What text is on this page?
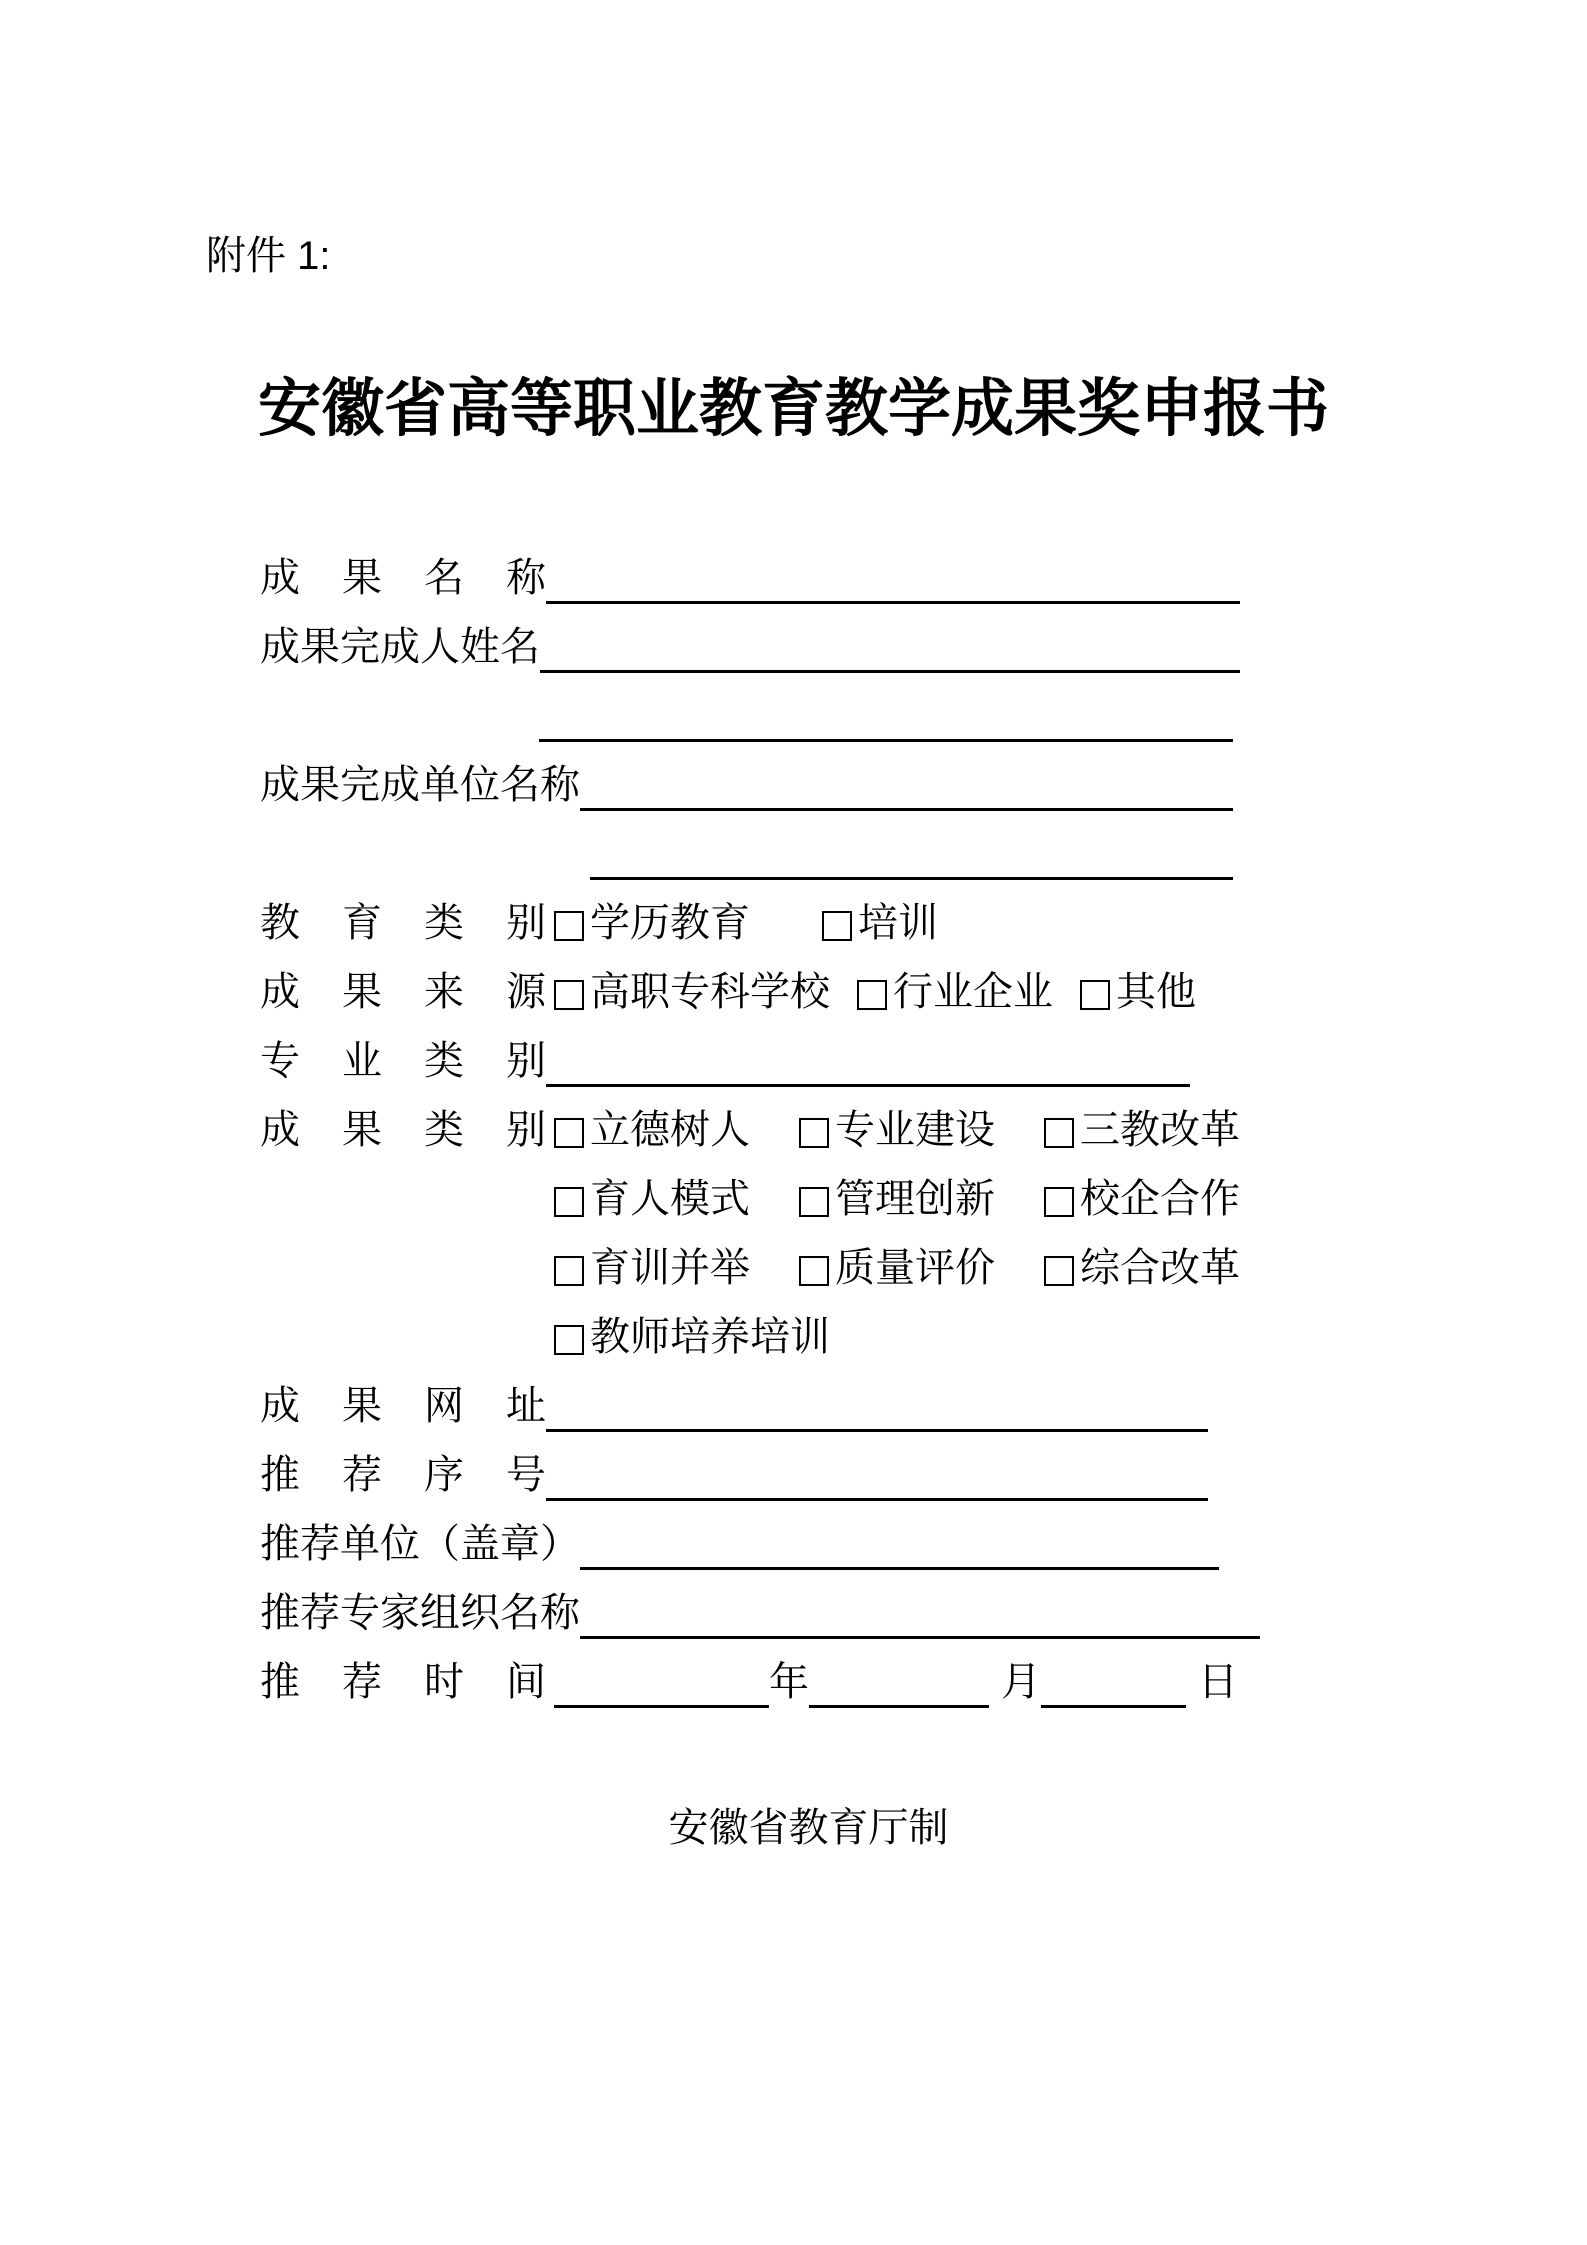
附件 1:
安徽省高等职业教育教学成果奖申报书
成 果 名 称
成果完成人姓名
成果完成单位名称
教 育 类 别 学历教育	培训
成 果 来 源 高职专科学校 行业企业 其他
专 业 类 别
成 果 类 别 立德树人 专业建设 三教改革
育人模式 管理创新 校企合作
育训并举 质量评价 综合改革
教师培养培训
成 果 网 址
推 荐 序 号
推荐单位（盖章）
推荐专家组织名称
推 荐 时 间	年	月	日
安徽省教育厅制
